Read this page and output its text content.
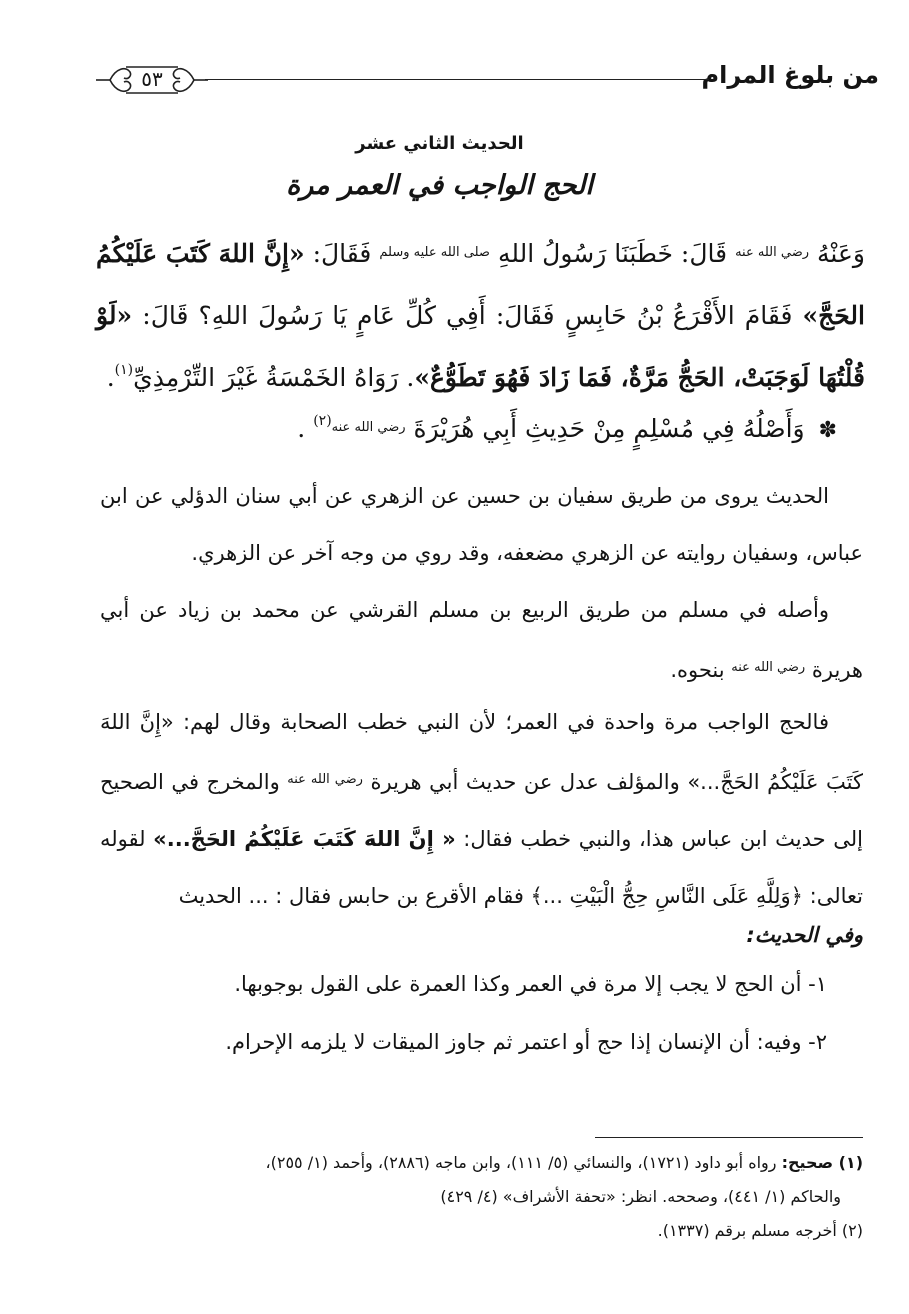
من بلوغ المرام
٥٣
الحديث الثاني عشر
الحج الواجب في العمر مرة
وَعَنْهُ $^{رضي الله عنه}$ قَالَ: خَطَبَنَا رَسُولُ اللهِ $^{صلى الله عليه وسلم}$ فَقَالَ: «إِنَّ اللهَ كَتَبَ عَلَيْكُمُ الحَجَّ» فَقَامَ الأَقْرَعُ بْنُ حَابِسٍ فَقَالَ: أَفِي كُلِّ عَامٍ يَا رَسُولَ اللهِ؟ قَالَ: «لَوْ قُلْتُهَا لَوَجَبَتْ، الحَجُّ مَرَّةٌ، فَمَا زَادَ فَهُوَ تَطَوُّعٌ». رَوَاهُ الخَمْسَةُ غَيْرَ التِّرْمِذِيِّ$^{(١)}$.
✽ وَأَصْلُهُ فِي مُسْلِمٍ مِنْ حَدِيثِ أَبِي هُرَيْرَةَ $^{رضي الله عنه(٢)}$ .
الحديث يروى من طريق سفيان بن حسين عن الزهري عن أبي سنان الدؤلي عن ابن عباس، وسفيان روايته عن الزهري مضعفه، وقد روي من وجه آخر عن الزهري.
وأصله في مسلم من طريق الربيع بن مسلم القرشي عن محمد بن زياد عن أبي هريرة $^{رضي الله عنه}$ بنحوه.
فالحج الواجب مرة واحدة في العمر؛ لأن النبي خطب الصحابة وقال لهم: «إِنَّ اللهَ كَتَبَ عَلَيْكُمُ الحَجَّ...» والمؤلف عدل عن حديث أبي هريرة $^{رضي الله عنه}$ والمخرج في الصحيح إلى حديث ابن عباس هذا، والنبي خطب فقال: « إِنَّ اللهَ كَتَبَ عَلَيْكُمُ الحَجَّ...» لقوله تعالى: ﴿وَلِلَّهِ عَلَى النَّاسِ حِجُّ الْبَيْتِ ...﴾ فقام الأقرع بن حابس فقال : ... الحديث
وفي الحديث:
١- أن الحج لا يجب إلا مرة في العمر وكذا العمرة على القول بوجوبها.
٢- وفيه: أن الإنسان إذا حج أو اعتمر ثم جاوز الميقات لا يلزمه الإحرام.

(١) صحيح: رواه أبو داود (١٧٢١)، والنسائي (٥/ ١١١)، وابن ماجه (٢٨٨٦)، وأحمد (١/ ٢٥٥)،

والحاكم (١/ ٤٤١)، وصححه. انظر: «تحفة الأشراف» (٤/ ٤٢٩)

(٢) أخرجه مسلم برقم (١٣٣٧).
